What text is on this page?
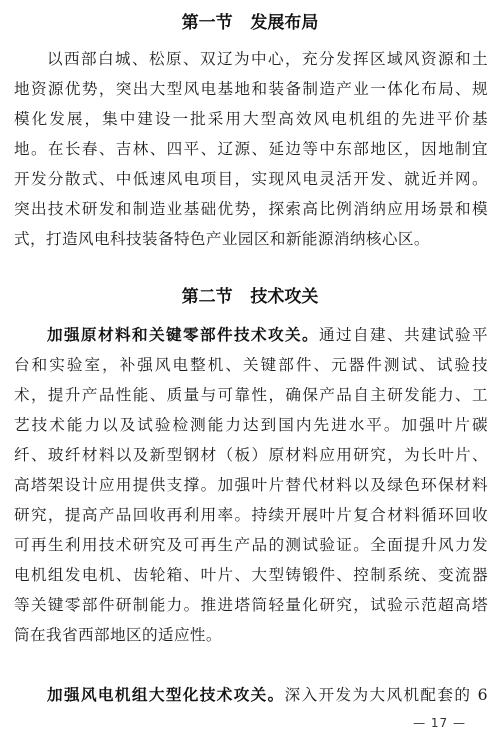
第一节   发展布局
以西部白城、松原、双辽为中心，充分发挥区域风资源和土
地资源优势，突出大型风电基地和装备制造产业一体化布局、规
模化发展，集中建设一批采用大型高效风电机组的先进平价基
地。在长春、吉林、四平、辽源、延边等中东部地区，因地制宜
开发分散式、中低速风电项目，实现风电灵活开发、就近并网。
突出技术研发和制造业基础优势，探索高比例消纳应用场景和模
式，打造风电科技装备特色产业园区和新能源消纳核心区。
第二节   技术攻关
加强原材料和关键零部件技术攻关。通过自建、共建试验平
台和实验室，补强风电整机、关键部件、元器件测试、试验技
术，提升产品性能、质量与可靠性，确保产品自主研发能力、工
艺技术能力以及试验检测能力达到国内先进水平。加强叶片碳
纤、玻纤材料以及新型钢材（板）原材料应用研究，为长叶片、
高塔架设计应用提供支撑。加强叶片替代材料以及绿色环保材料
研究，提高产品回收再利用率。持续开展叶片复合材料循环回收
可再生利用技术研究及可再生产品的测试验证。全面提升风力发
电机组发电机、齿轮箱、叶片、大型铸锻件、控制系统、变流器
等关键零部件研制能力。推进塔筒轻量化研究，试验示范超高塔
筒在我省西部地区的适应性。
加强风电机组大型化技术攻关。深入开发为大风机配套的 6
— 17 —
